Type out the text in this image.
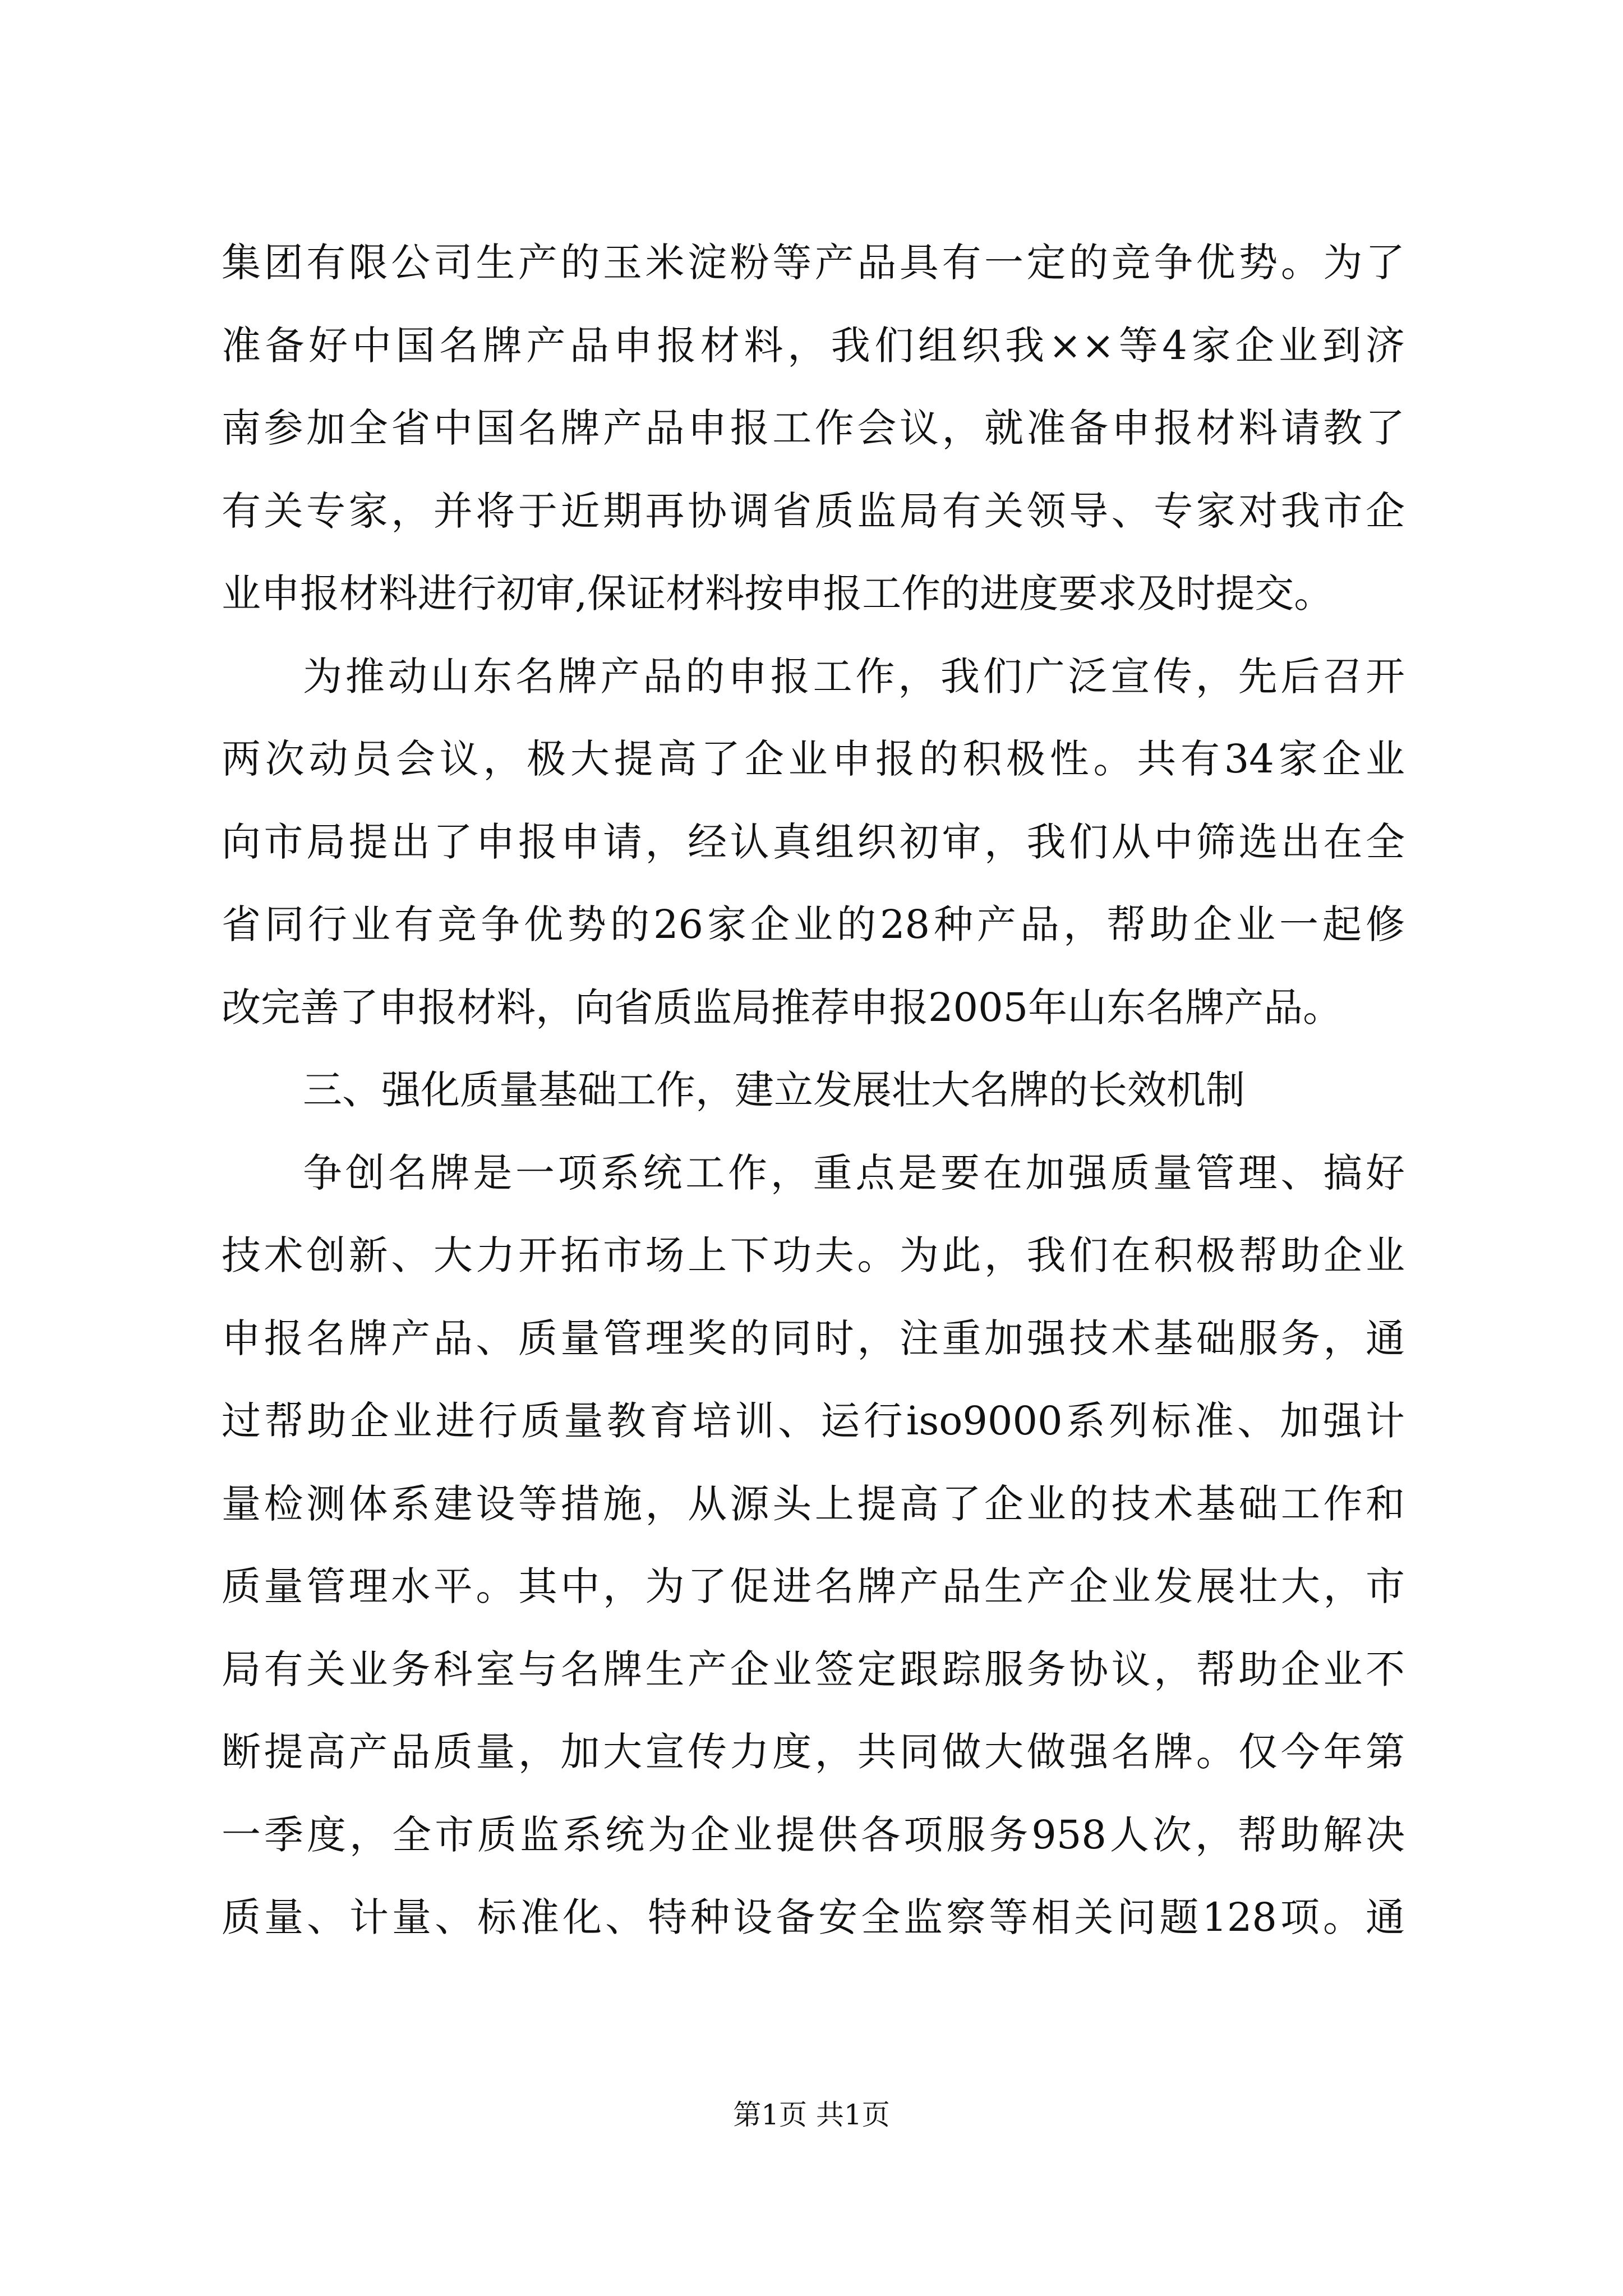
集团有限公司生产的玉米淀粉等产品具有一定的竞争优势。为了
准备好中国名牌产品申报材料，我们组织我××等4家企业到济
南参加全省中国名牌产品申报工作会议，就准备申报材料请教了
有关专家，并将于近期再协调省质监局有关领导、专家对我市企
业申报材料进行初审,保证材料按申报工作的进度要求及时提交。
为推动山东名牌产品的申报工作，我们广泛宣传，先后召开
两次动员会议，极大提高了企业申报的积极性。共有34家企业
向市局提出了申报申请，经认真组织初审，我们从中筛选出在全
省同行业有竞争优势的26家企业的28种产品，帮助企业一起修
改完善了申报材料，向省质监局推荐申报2005年山东名牌产品。
三、强化质量基础工作，建立发展壮大名牌的长效机制
争创名牌是一项系统工作，重点是要在加强质量管理、搞好
技术创新、大力开拓市场上下功夫。为此，我们在积极帮助企业
申报名牌产品、质量管理奖的同时，注重加强技术基础服务，通
过帮助企业进行质量教育培训、运行iso9000系列标准、加强计
量检测体系建设等措施，从源头上提高了企业的技术基础工作和
质量管理水平。其中，为了促进名牌产品生产企业发展壮大，市
局有关业务科室与名牌生产企业签定跟踪服务协议，帮助企业不
断提高产品质量，加大宣传力度，共同做大做强名牌。仅今年第
一季度，全市质监系统为企业提供各项服务958人次，帮助解决
质量、计量、标准化、特种设备安全监察等相关问题128项。通
第1页 共1页
